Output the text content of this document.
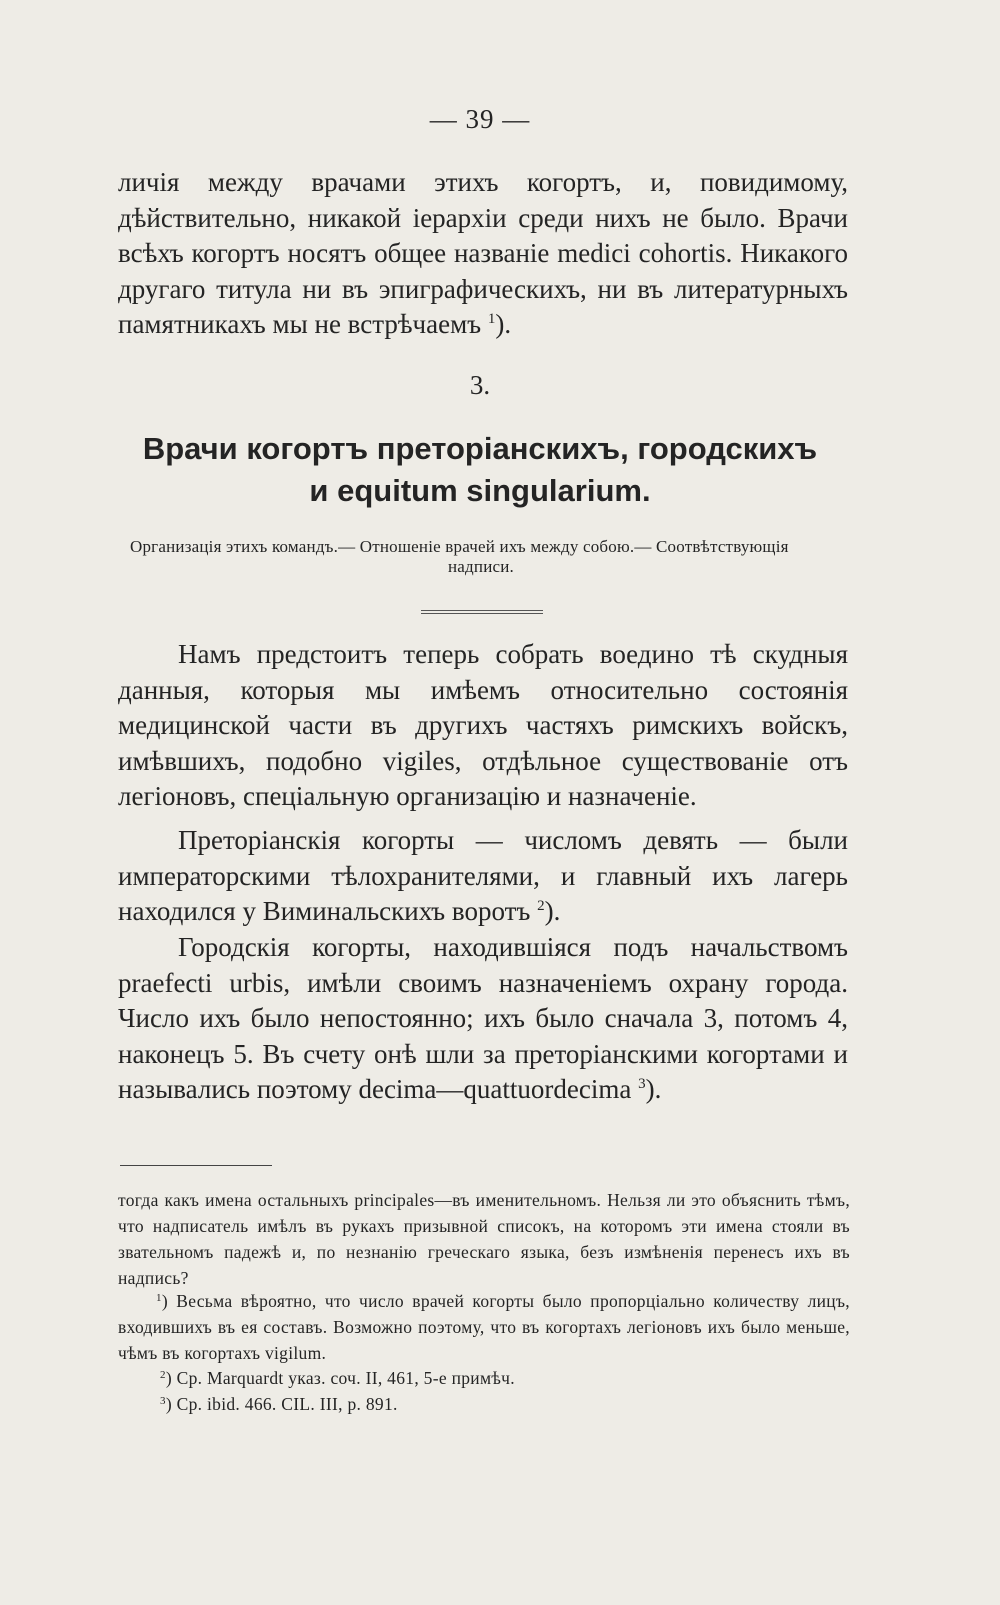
— 39 —

личія между врачами этихъ когортъ, и, повидимому, дѣйствительно, никакой іерархіи среди нихъ не было. Врачи всѣхъ когортъ носятъ общее названіе medici cohortis. Никакого другаго титула ни въ эпиграфическихъ, ни въ литературныхъ памятникахъ мы не встрѣчаемъ $^1$).

3.
Врачи когортъ преторіанскихъ, городскихъ
и equitum singularium.

Организація этихъ командъ.— Отношеніе врачей ихъ между собою.— Соотвѣтствующія
надписи.

Намъ предстоитъ теперь собрать воедино тѣ скудныя данныя, которыя мы имѣемъ относительно состоянія медицинской части въ другихъ частяхъ римскихъ войскъ, имѣвшихъ, подобно vigiles, отдѣльное существованіе отъ легіоновъ, спеціальную организацію и назначеніе.

Преторіанскія когорты — числомъ девять — были императорскими тѣлохранителями, и главный ихъ лагерь находился у Виминальскихъ воротъ $^2$).

Городскія когорты, находившіяся подъ начальствомъ praefecti urbis, имѣли своимъ назначеніемъ охрану города. Число ихъ было непостоянно; ихъ было сначала 3, потомъ 4, наконецъ 5. Въ счету онѣ шли за преторіанскими когортами и назывались поэтому decima—quattuordecima $^3$).

тогда какъ имена остальныхъ principales—въ именительномъ. Нельзя ли это объяснить тѣмъ, что надписатель имѣлъ въ рукахъ призывной списокъ, на которомъ эти имена стояли въ звательномъ падежѣ и, по незнанію греческаго языка, безъ измѣненія перенесъ ихъ въ надпись?

$^1$) Весьма вѣроятно, что число врачей когорты было пропорціально количеству лицъ, входившихъ въ ея составъ. Возможно поэтому, что въ когортахъ легіоновъ ихъ было меньше, чѣмъ въ когортахъ vigilum.

$^2$) Ср. Marquardt указ. соч. II, 461, 5-е примѣч.

$^3$) Ср. ibid. 466. CIL. III, p. 891.
